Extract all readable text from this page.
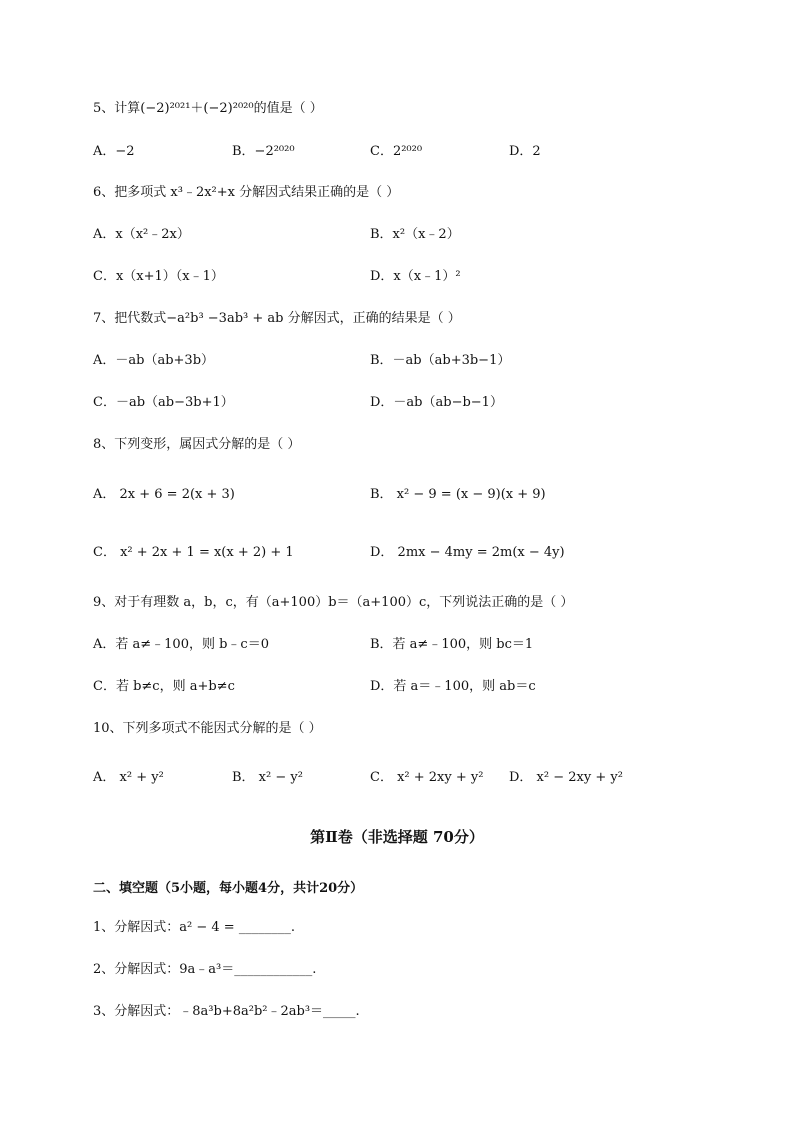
5、计算(−2)²⁰²¹＋(−2)²⁰²⁰的值是（ ）
A．−2	B．−2²⁰²⁰	C．2²⁰²⁰	D．2
6、把多项式 x³﹣2x²+x 分解因式结果正确的是（ ）
A．x（x²﹣2x）	B．x²（x﹣2）
C．x（x+1）（x﹣1）	D．x（x﹣1）²
7、把代数式−a²b³ −3ab³ + ab 分解因式，正确的结果是（ ）
A．－ab（ab+3b）	B．－ab（ab+3b−1）
C．－ab（ab−3b+1）	D．－ab（ab−b−1）
8、下列变形，属因式分解的是（ ）
A． 2x + 6 = 2(x + 3)	B． x² − 9 = (x − 9)(x + 9)
C． x² + 2x + 1 = x(x + 2) + 1	D． 2mx − 4my = 2m(x − 4y)
9、对于有理数 a，b，c，有（a+100）b＝（a+100）c，下列说法正确的是（ ）
A．若 a≠﹣100，则 b﹣c＝0	B．若 a≠﹣100，则 bc＝1
C．若 b≠c，则 a+b≠c	D．若 a＝﹣100，则 ab＝c
10、下列多项式不能因式分解的是（ ）
A． x² + y²	B． x² − y²	C． x² + 2xy + y² D． x² − 2xy + y²
第Ⅱ卷（非选择题 70分）
二、填空题（5小题，每小题4分，共计20分）
1、分解因式：a² − 4 = ________.
2、分解因式：9a﹣a³＝____________.
3、分解因式：﹣8a³b+8a²b²﹣2ab³＝_____.
